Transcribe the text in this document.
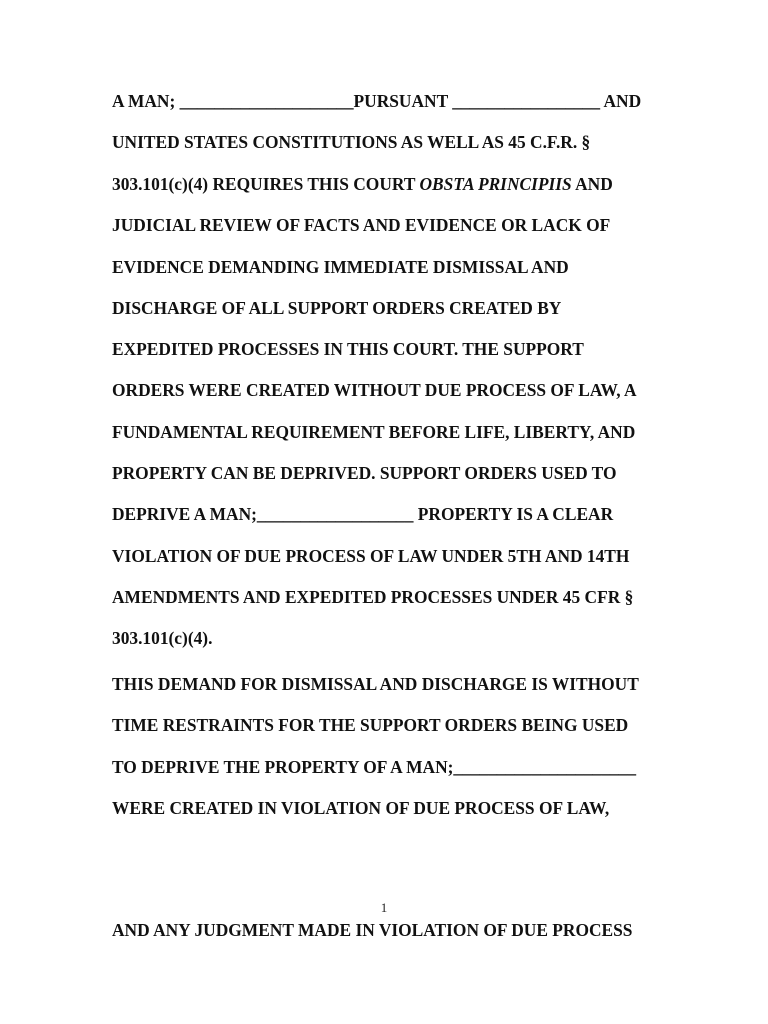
A MAN; ____________________PURSUANT _________________ AND
UNITED STATES CONSTITUTIONS AS WELL AS 45 C.F.R. §
303.101(c)(4) REQUIRES THIS COURT OBSTA PRINCIPIIS AND
JUDICIAL REVIEW OF FACTS AND EVIDENCE OR LACK OF
EVIDENCE DEMANDING IMMEDIATE DISMISSAL AND
DISCHARGE OF ALL SUPPORT ORDERS CREATED BY
EXPEDITED PROCESSES IN THIS COURT. THE SUPPORT
ORDERS WERE CREATED WITHOUT DUE PROCESS OF LAW, A
FUNDAMENTAL REQUIREMENT BEFORE LIFE, LIBERTY, AND
PROPERTY CAN BE DEPRIVED. SUPPORT ORDERS USED TO
DEPRIVE A MAN;__________________ PROPERTY IS A CLEAR
VIOLATION OF DUE PROCESS OF LAW UNDER 5TH AND 14TH
AMENDMENTS AND EXPEDITED PROCESSES UNDER 45 CFR §
303.101(c)(4).
THIS DEMAND FOR DISMISSAL AND DISCHARGE IS WITHOUT
TIME RESTRAINTS FOR THE SUPPORT ORDERS BEING USED
TO DEPRIVE THE PROPERTY OF A MAN;_____________________
WERE CREATED IN VIOLATION OF DUE PROCESS OF LAW,
1
AND ANY JUDGMENT MADE IN VIOLATION OF DUE PROCESS
